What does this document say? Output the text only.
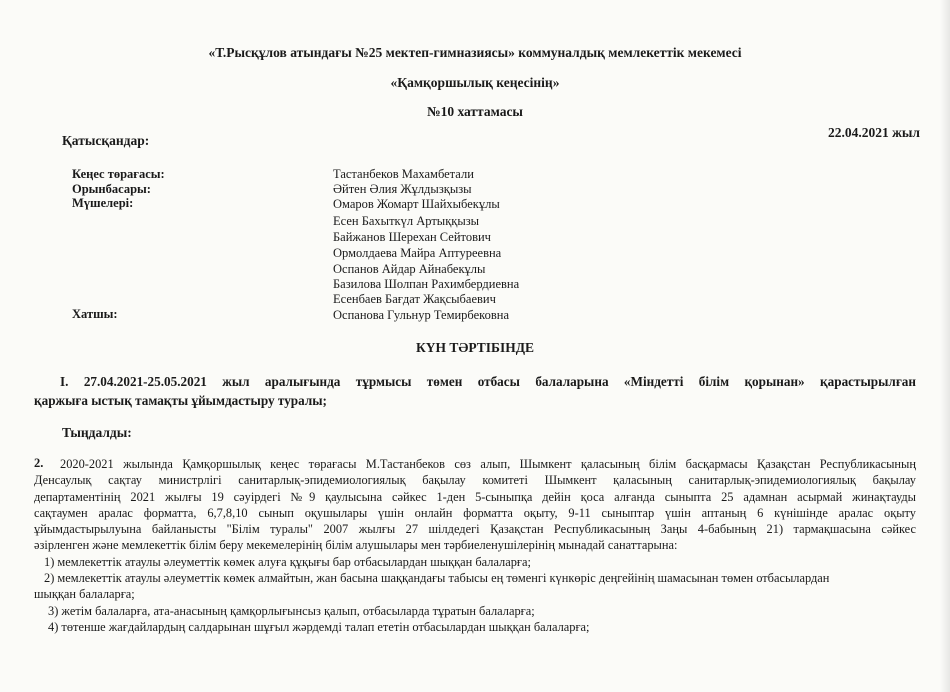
«Т.Рысқұлов атындағы №25 мектеп-гимназиясы» коммуналдық мемлекеттік мекемесі
«Қамқоршылық кеңесінің»
№10 хаттамасы
22.04.2021 жыл
Қатысқандар:
Кеңес төрағасы:	Тастанбеков Махамбетали
Орынбасары:	Әйтен Әлия Жұлдызқызы
Мүшелері:	Омаров Жомарт Шайхыбекұлы
Есен Бахыткүл Артыққызы
Байжанов Шерехан Сейтович
Ормолдаева Майра Аптуреевна
Оспанов Айдар Айнабекұлы
Базилова Шолпан Рахимбердиевна
Есенбаев Бағдат Жақсыбаевич
Хатшы:	Оспанова Гульнур Темирбековна
КҮН ТӘРТІБІНДЕ
I. 27.04.2021-25.05.2021 жыл аралығында тұрмысы төмен отбасы балаларына «Міндетті білім қорынан» қарастырылған
қаржыға ыстық тамақты ұйымдастыру туралы;
Тыңдалды:
2.	2020-2021 жылында Қамқоршылық кеңес төрағасы М.Тастанбеков сөз алып, Шымкент қаласының білім басқармасы Қазақстан Республикасының
Денсаулық сақтау министрлігі санитарлық-эпидемиологиялық бақылау комитеті Шымкент қаласының санитарлық-эпидемиологиялық бақылау
департаментінің 2021 жылғы 19 сәуірдегі №9 қаулысына сәйкес 1-ден 5-сыныпқа дейін қоса алғанда сыныпта 25 адамнан асырмай жинақтауды
сақтаумен аралас форматта, 6,7,8,10 сынып оқушылары үшін онлайн форматта оқыту, 9-11 сыныптар үшін аптаның 6 күнішінде аралас оқыту
ұйымдастырылуына байланысты "Білім туралы" 2007 жылғы 27 шілдедегі Қазақстан Республикасының Заңы 4-бабының 21) тармақшасына сәйкес
әзірленген және мемлекеттік білім беру мекемелерінің білім алушылары мен тәрбиеленушілерінің мынадай санаттарына:
1) мемлекеттік атаулы әлеуметтік көмек алуға құқығы бар отбасылардан шыққан балаларға;
2) мемлекеттік атаулы әлеуметтік көмек алмайтын, жан басына шаққандағы табысы ең төменгі күнкөріс деңгейінің шамасынан төмен отбасылардан
шыққан балаларға;
3) жетім балаларға, ата-анасының қамқорлығынсыз қалып, отбасыларда тұратын балаларға;
4) төтенше жағдайлардың салдарынан шұғыл жәрдемді талап ететін отбасылардан шыққан балаларға;
